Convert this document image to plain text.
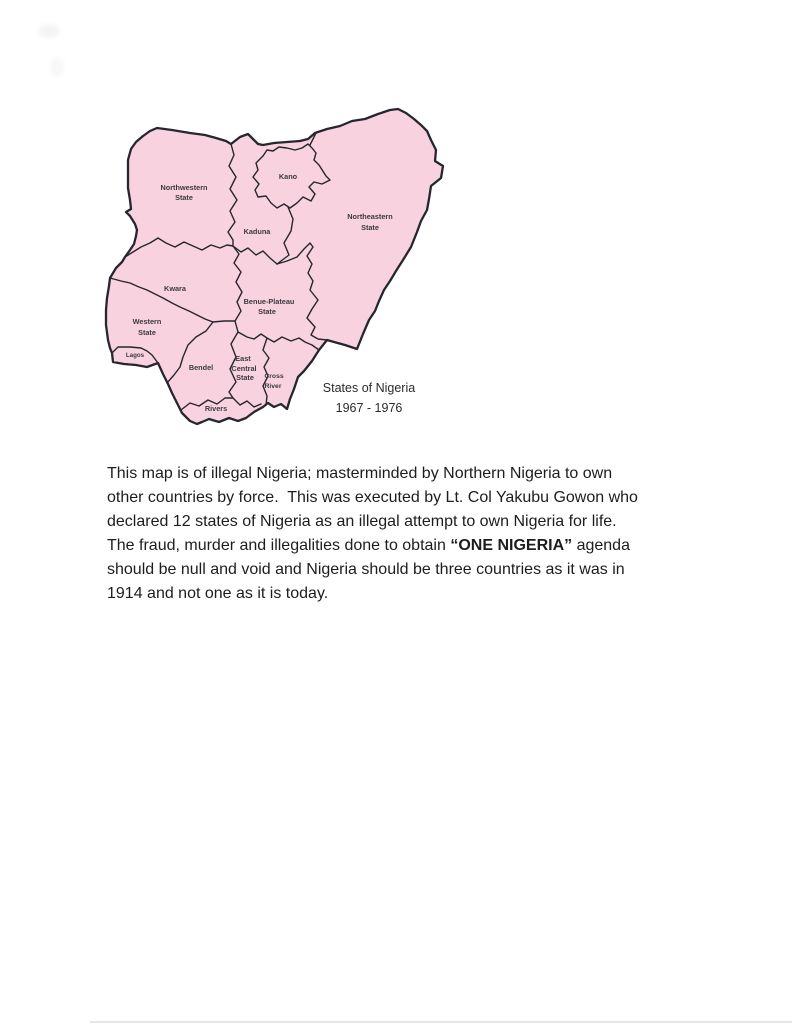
Northwestern
State
Kano
Northeastern
State
Kaduna
Kwara
Benue-Plateau
State
Western
State
Lagos
Bendel
East
Central
State Cross
River
Rivers
States of Nigeria
1967 - 1976
This map is of illegal Nigeria; masterminded by Northern Nigeria to own
other countries by force.  This was executed by Lt. Col Yakubu Gowon who
declared 12 states of Nigeria as an illegal attempt to own Nigeria for life.
The fraud, murder and illegalities done to obtain “ONE NIGERIA” agenda
should be null and void and Nigeria should be three countries as it was in
1914 and not one as it is today.
